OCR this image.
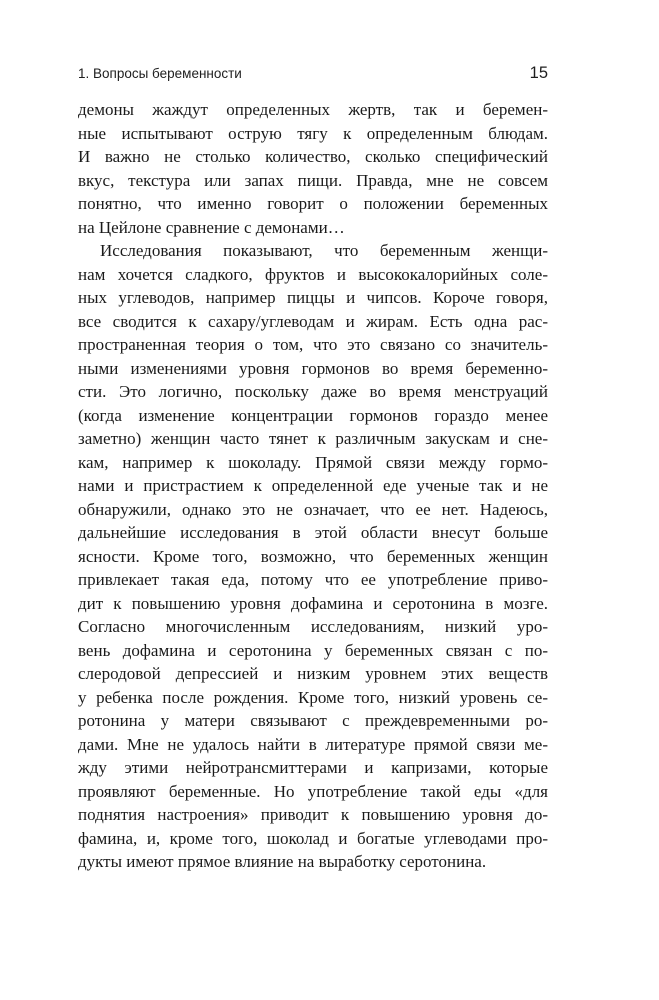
1. Вопросы беременности	15
демоны жаждут определенных жертв, так и беремен-
ные испытывают острую тягу к определенным блюдам.
И важно не столько количество, сколько специфический
вкус, текстура или запах пищи. Правда, мне не совсем
понятно, что именно говорит о положении беременных
на Цейлоне сравнение с демонами…
Исследования показывают, что беременным женщи-
нам хочется сладкого, фруктов и высококалорийных соле-
ных углеводов, например пиццы и чипсов. Короче говоря,
все сводится к сахару/углеводам и жирам. Есть одна рас-
пространенная теория о том, что это связано со значитель-
ными изменениями уровня гормонов во время беременно-
сти. Это логично, поскольку даже во время менструаций
(когда изменение концентрации гормонов гораздо менее
заметно) женщин часто тянет к различным закускам и сне-
кам, например к шоколаду. Прямой связи между гормо-
нами и пристрастием к определенной еде ученые так и не
обнаружили, однако это не означает, что ее нет. Надеюсь,
дальнейшие исследования в этой области внесут больше
ясности. Кроме того, возможно, что беременных женщин
привлекает такая еда, потому что ее употребление приво-
дит к повышению уровня дофамина и серотонина в мозге.
Согласно многочисленным исследованиям, низкий уро-
вень дофамина и серотонина у беременных связан с по-
слеродовой депрессией и низким уровнем этих веществ
у ребенка после рождения. Кроме того, низкий уровень се-
ротонина у матери связывают с преждевременными ро-
дами. Мне не удалось найти в литературе прямой связи ме-
жду этими нейротрансмиттерами и капризами, которые
проявляют беременные. Но употребление такой еды «для
поднятия настроения» приводит к повышению уровня до-
фамина, и, кроме того, шоколад и богатые углеводами про-
дукты имеют прямое влияние на выработку серотонина.
